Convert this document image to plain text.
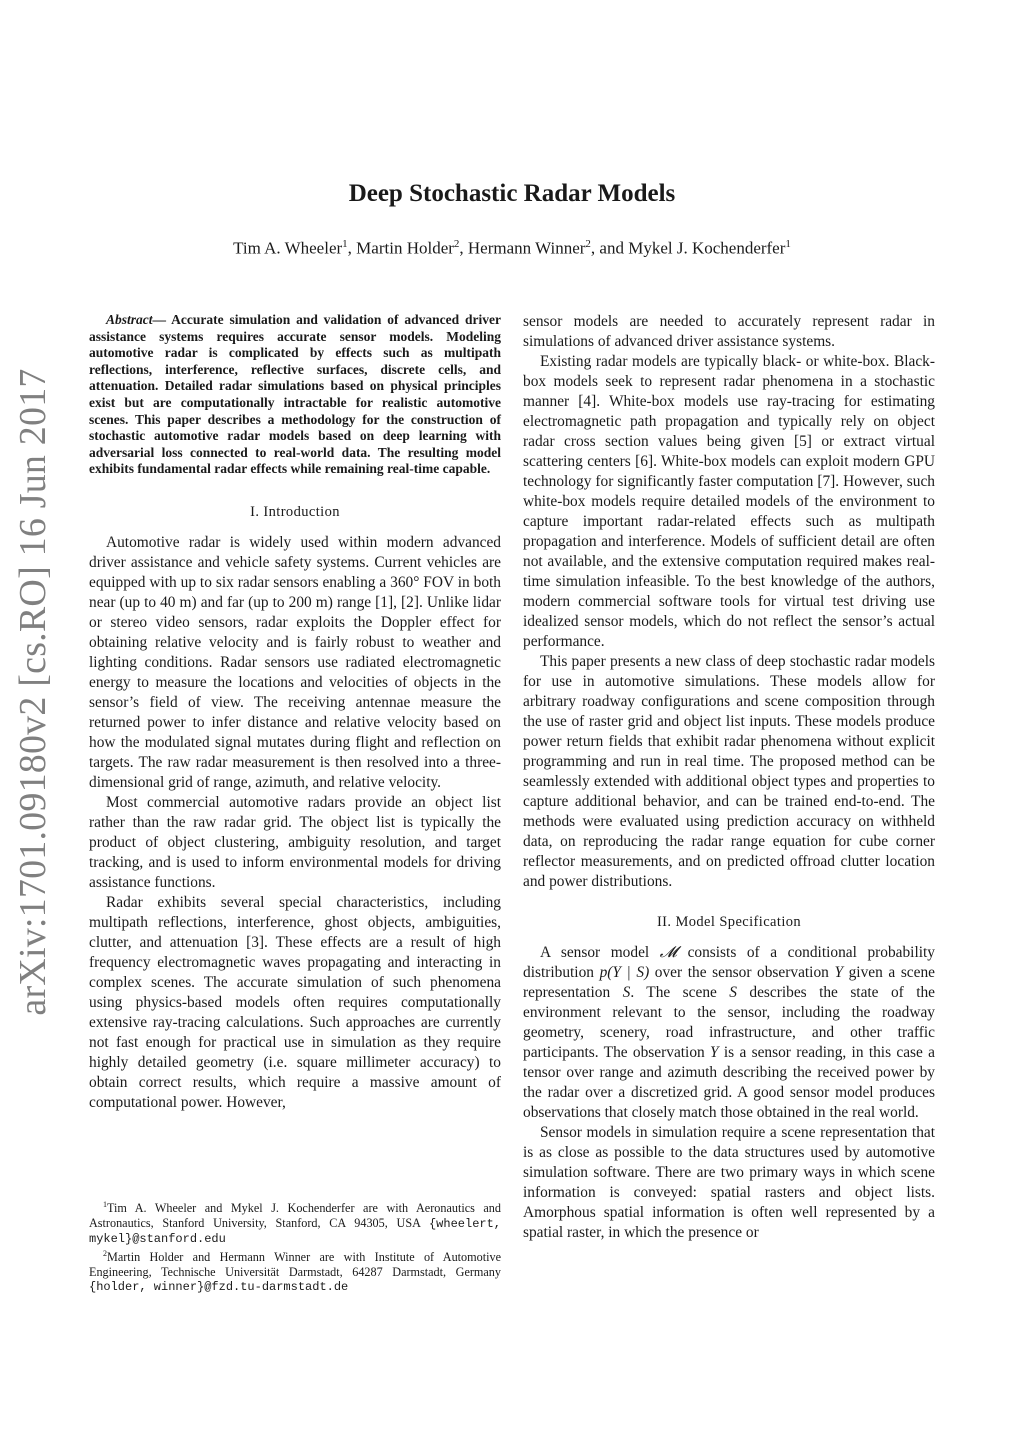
arXiv:1701.09180v2 [cs.RO] 16 Jun 2017
Deep Stochastic Radar Models
Tim A. Wheeler$^1$, Martin Holder$^2$, Hermann Winner$^2$, and Mykel J. Kochenderfer$^1$

Abstract— Accurate simulation and validation of advanced driver assistance systems requires accurate sensor models. Modeling automotive radar is complicated by effects such as multipath reflections, interference, reflective surfaces, discrete cells, and attenuation. Detailed radar simulations based on physical principles exist but are computationally intractable for realistic automotive scenes. This paper describes a methodology for the construction of stochastic automotive radar models based on deep learning with adversarial loss connected to real-world data. The resulting model exhibits fundamental radar effects while remaining real-time capable.

I. Introduction

Automotive radar is widely used within modern advanced driver assistance and vehicle safety systems. Current vehicles are equipped with up to six radar sensors enabling a 360° FOV in both near (up to 40 m) and far (up to 200 m) range [1], [2]. Unlike lidar or stereo video sensors, radar exploits the Doppler effect for obtaining relative velocity and is fairly robust to weather and lighting conditions. Radar sensors use radiated electromagnetic energy to measure the locations and velocities of objects in the sensor’s field of view. The receiving antennae measure the returned power to infer distance and relative velocity based on how the modulated signal mutates during flight and reflection on targets. The raw radar measurement is then resolved into a three-dimensional grid of range, azimuth, and relative velocity.

Most commercial automotive radars provide an object list rather than the raw radar grid. The object list is typically the product of object clustering, ambiguity resolution, and target tracking, and is used to inform environmental models for driving assistance functions.

Radar exhibits several special characteristics, including multipath reflections, interference, ghost objects, ambiguities, clutter, and attenuation [3]. These effects are a result of high frequency electromagnetic waves propagating and interacting in complex scenes. The accurate simulation of such phenomena using physics-based models often requires computationally extensive ray-tracing calculations. Such approaches are currently not fast enough for practical use in simulation as they require highly detailed geometry (i.e. square millimeter accuracy) to obtain correct results, which require a massive amount of computational power. However,

$^1$Tim A. Wheeler and Mykel J. Kochenderfer are with Aeronautics and Astronautics, Stanford University, Stanford, CA 94305, USA {wheelert, mykel}@stanford.edu

$^2$Martin Holder and Hermann Winner are with Institute of Automotive Engineering, Technische Universität Darmstadt, 64287 Darmstadt, Germany {holder, winner}@fzd.tu-darmstadt.de

sensor models are needed to accurately represent radar in simulations of advanced driver assistance systems.

Existing radar models are typically black- or white-box. Black-box models seek to represent radar phenomena in a stochastic manner [4]. White-box models use ray-tracing for estimating electromagnetic path propagation and typically rely on object radar cross section values being given [5] or extract virtual scattering centers [6]. White-box models can exploit modern GPU technology for significantly faster computation [7]. However, such white-box models require detailed models of the environment to capture important radar-related effects such as multipath propagation and interference. Models of sufficient detail are often not available, and the extensive computation required makes real-time simulation infeasible. To the best knowledge of the authors, modern commercial software tools for virtual test driving use idealized sensor models, which do not reflect the sensor’s actual performance.

This paper presents a new class of deep stochastic radar models for use in automotive simulations. These models allow for arbitrary roadway configurations and scene composition through the use of raster grid and object list inputs. These models produce power return fields that exhibit radar phenomena without explicit programming and run in real time. The proposed method can be seamlessly extended with additional object types and properties to capture additional behavior, and can be trained end-to-end. The methods were evaluated using prediction accuracy on withheld data, on reproducing the radar range equation for cube corner reflector measurements, and on predicted offroad clutter location and power distributions.

II. Model Specification

A sensor model 𝓜 consists of a conditional probability distribution p(Y | S) over the sensor observation Y given a scene representation S. The scene S describes the state of the environment relevant to the sensor, including the roadway geometry, scenery, road infrastructure, and other traffic participants. The observation Y is a sensor reading, in this case a tensor over range and azimuth describing the received power by the radar over a discretized grid. A good sensor model produces observations that closely match those obtained in the real world.

Sensor models in simulation require a scene representation that is as close as possible to the data structures used by automotive simulation software. There are two primary ways in which scene information is conveyed: spatial rasters and object lists. Amorphous spatial information is often well represented by a spatial raster, in which the presence or
